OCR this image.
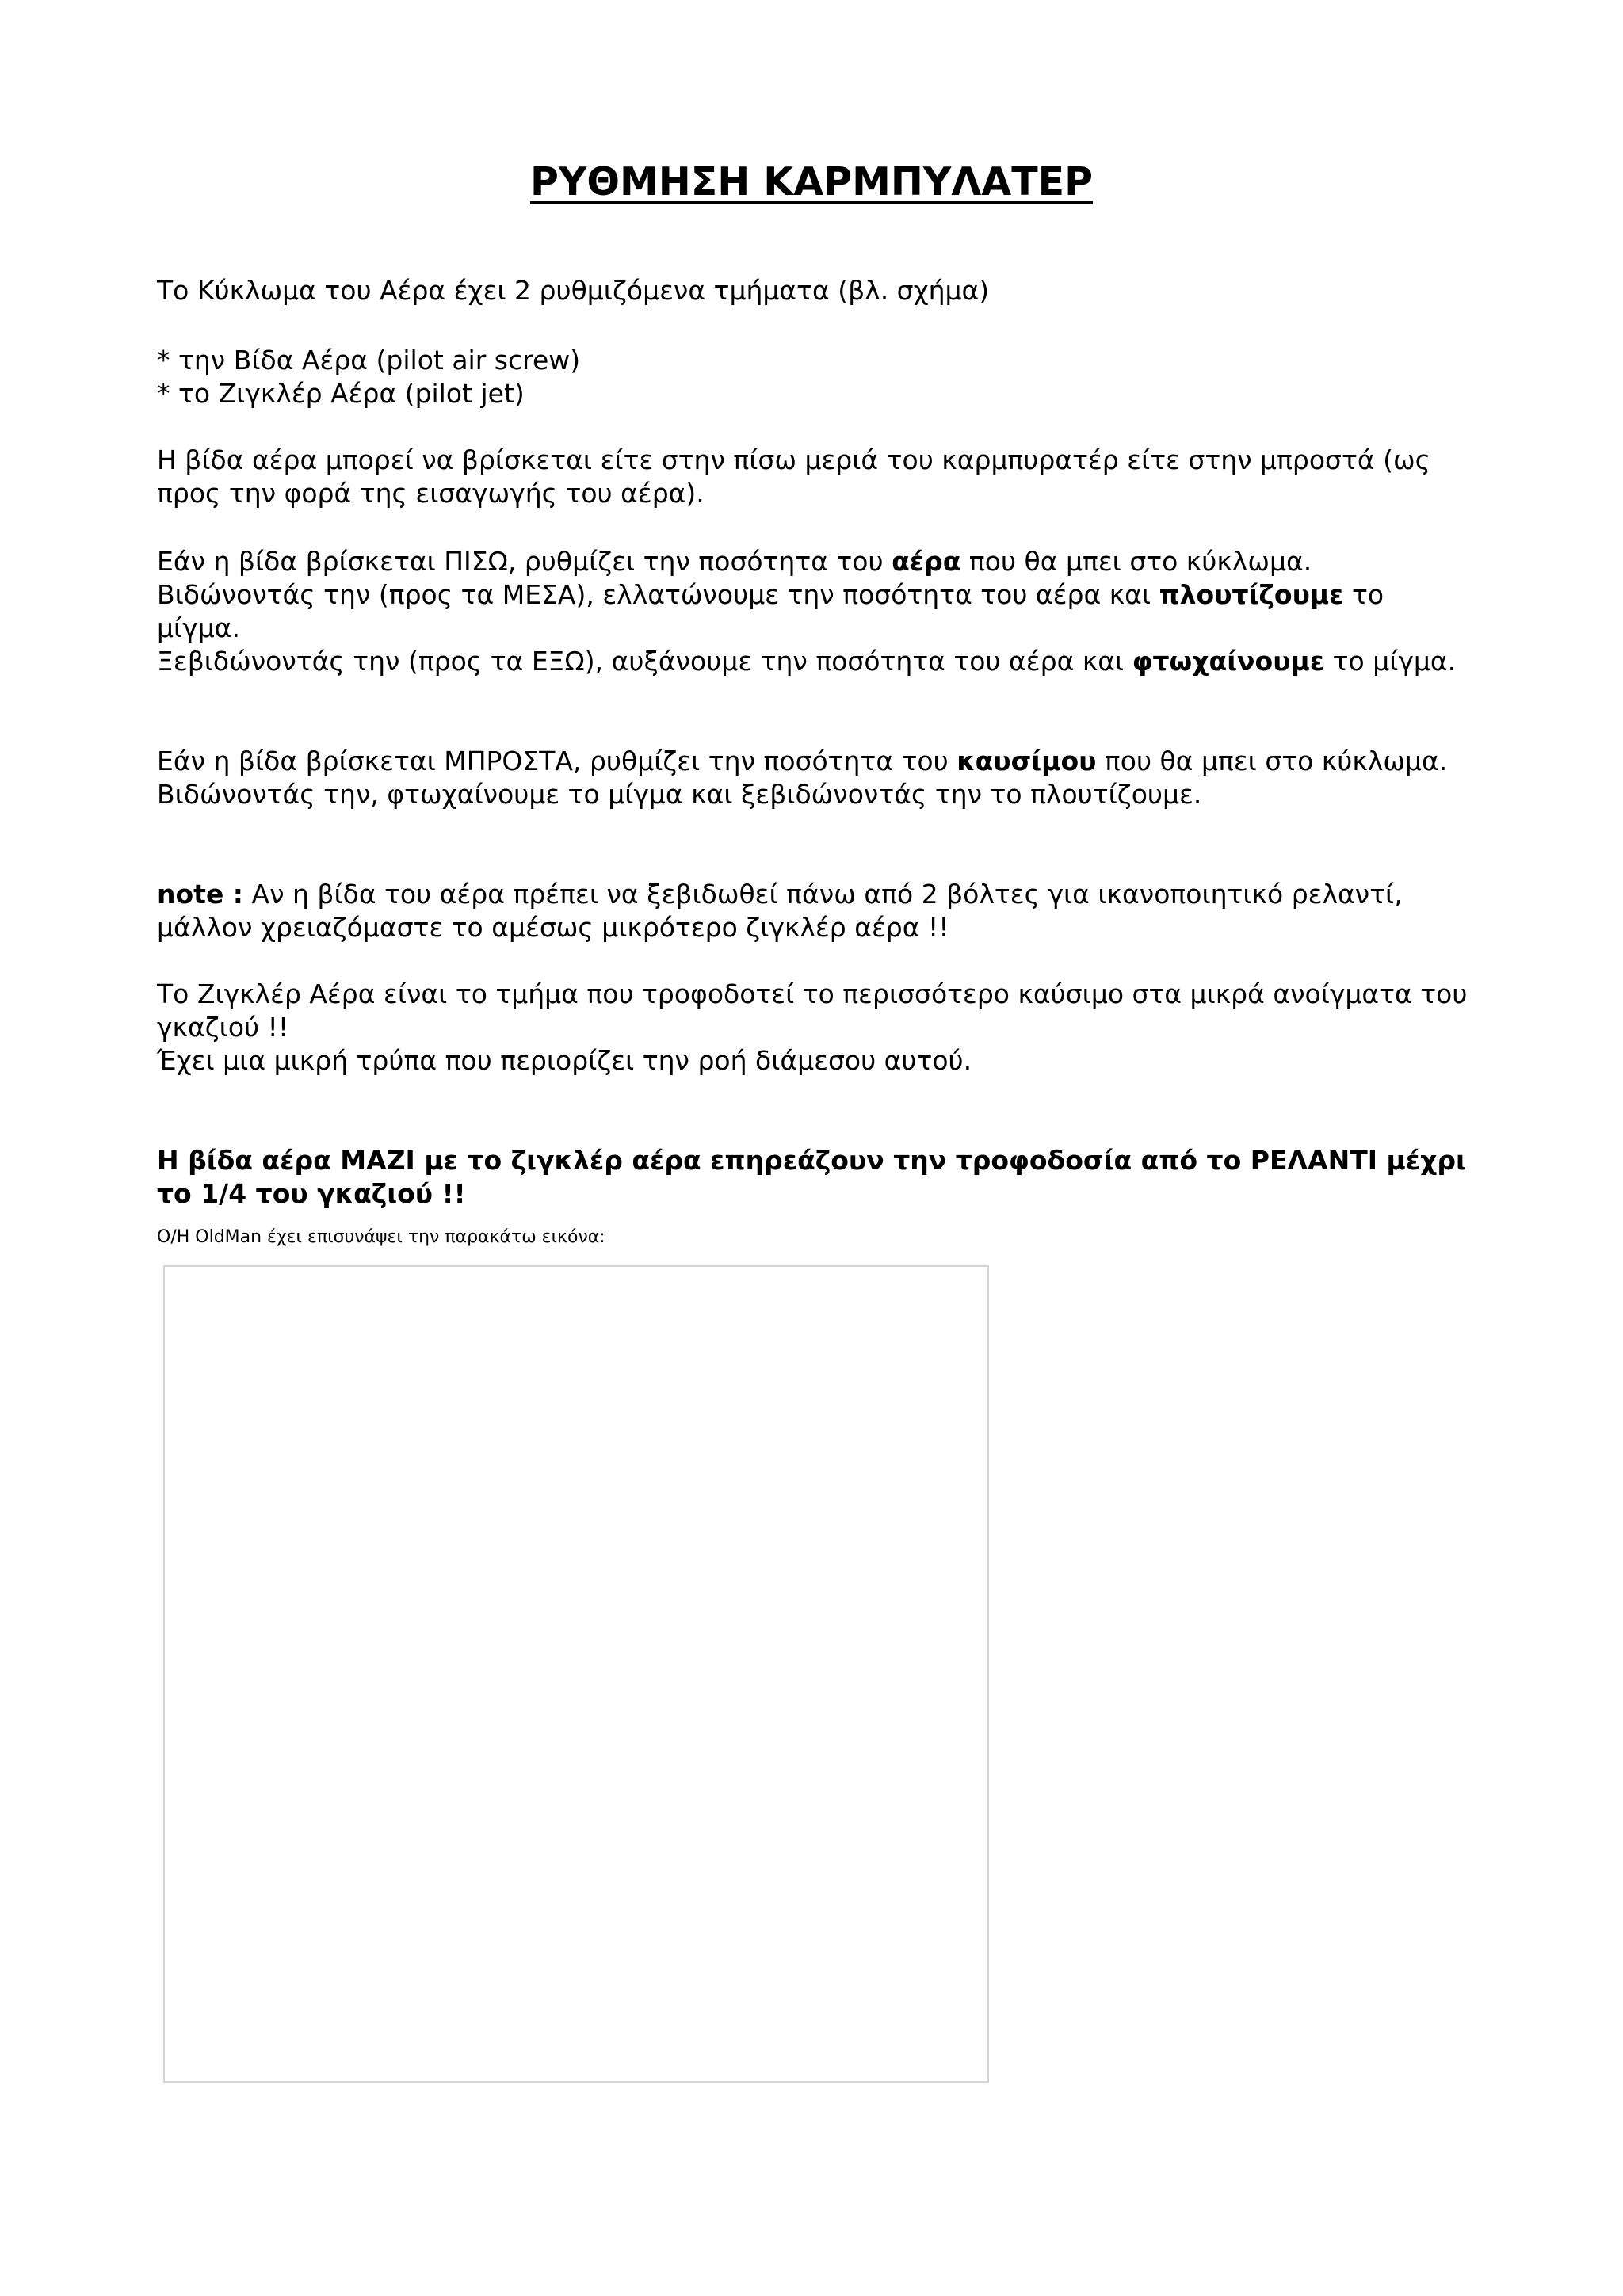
ΡΥΘΜΗΣΗ ΚΑΡΜΠΥΛΑΤΕΡ

Το Κύκλωμα του Αέρα έχει 2 ρυθμιζόμενα τμήματα (βλ. σχήμα)

* την Βίδα Αέρα (pilot air screw)
* το Ζιγκλέρ Αέρα (pilot jet)

Η βίδα αέρα μπορεί να βρίσκεται είτε στην πίσω μεριά του καρμπυρατέρ είτε στην μπροστά (ως προς την φορά της εισαγωγής του αέρα).

Εάν η βίδα βρίσκεται ΠΙΣΩ, ρυθμίζει την ποσότητα του αέρα που θα μπει στο κύκλωμα.
Βιδώνοντάς την (προς τα ΜΕΣΑ), ελλατώνουμε την ποσότητα του αέρα και πλουτίζουμε το μίγμα.
Ξεβιδώνοντάς την (προς τα ΕΞΩ), αυξάνουμε την ποσότητα του αέρα και φτωχαίνουμε το μίγμα.
Εάν η βίδα βρίσκεται ΜΠΡΟΣΤΑ, ρυθμίζει την ποσότητα του καυσίμου που θα μπει στο κύκλωμα.
Βιδώνοντάς την, φτωχαίνουμε το μίγμα και ξεβιδώνοντάς την το πλουτίζουμε.

note : Αν η βίδα του αέρα πρέπει να ξεβιδωθεί πάνω από 2 βόλτες για ικανοποιητικό ρελαντί, μάλλον χρειαζόμαστε το αμέσως μικρότερο ζιγκλέρ αέρα !!

Το Ζιγκλέρ Αέρα είναι το τμήμα που τροφοδοτεί το περισσότερο καύσιμο στα μικρά ανοίγματα του γκαζιού !!
Έχει μια μικρή τρύπα που περιορίζει την ροή διάμεσου αυτού.

Η βίδα αέρα ΜΑΖΙ με το ζιγκλέρ αέρα επηρεάζουν την τροφοδοσία από το ΡΕΛΑΝΤΙ μέχρι το 1/4 του γκαζιού !!

O/H OldMan έχει επισυνάψει την παρακάτω εικόνα:
